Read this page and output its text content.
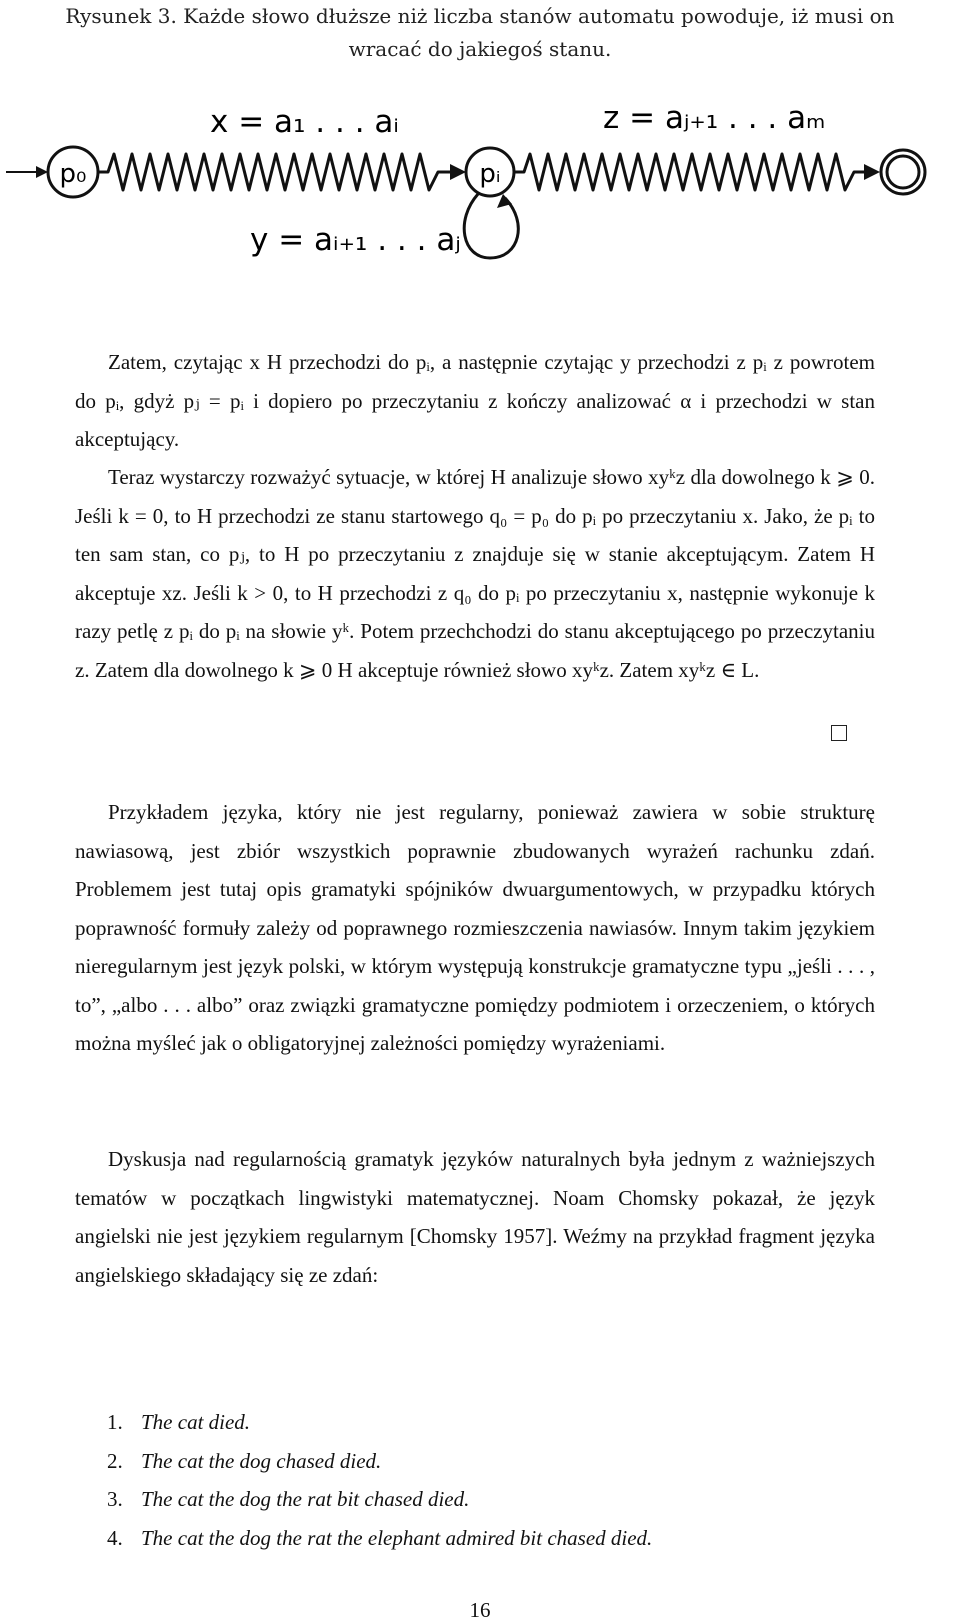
Rysunek 3. Każde słowo dłuższe niż liczba stanów automatu powoduje, iż musi on wracać do jakiegoś stanu.
x = a₁ . . . aᵢ	z = aⱼ₊₁ . . . aₘ
y = aᵢ₊₁ . . . aⱼ
p₀	pᵢ

Zatem, czytając x H przechodzi do pᵢ, a następnie czytając y przechodzi z pᵢ z powrotem do pᵢ, gdyż pⱼ = pᵢ i dopiero po przeczytaniu z kończy analizować α i przechodzi w stan akceptujący.

Teraz wystarczy rozważyć sytuacje, w której H analizuje słowo xyᵏz dla dowolnego k ⩾ 0. Jeśli k = 0, to H przechodzi ze stanu startowego q₀ = p₀ do pᵢ po przeczytaniu x. Jako, że pᵢ to ten sam stan, co pⱼ, to H po przeczytaniu z znajduje się w stanie akceptującym. Zatem H akceptuje xz. Jeśli k > 0, to H przechodzi z q₀ do pᵢ po przeczytaniu x, następnie wykonuje k razy petlę z pᵢ do pᵢ na słowie yᵏ. Potem przechchodzi do stanu akceptującego po przeczytaniu z. Zatem dla dowolnego k ⩾ 0 H akceptuje również słowo xyᵏz. Zatem xyᵏz ∈ L.

Przykładem języka, który nie jest regularny, ponieważ zawiera w sobie strukturę nawiasową, jest zbiór wszystkich poprawnie zbudowanych wyrażeń rachunku zdań. Problemem jest tutaj opis gramatyki spójników dwuargumentowych, w przypadku których poprawność formuły zależy od poprawnego rozmieszczenia nawiasów. Innym takim językiem nieregularnym jest język polski, w którym występują konstrukcje gramatyczne typu „jeśli . . . , to”, „albo . . . albo” oraz związki gramatyczne pomiędzy podmiotem i orzeczeniem, o których można myśleć jak o obligatoryjnej zależności pomiędzy wyrażeniami.

Dyskusja nad regularnością gramatyk języków naturalnych była jednym z ważniejszych tematów w początkach lingwistyki matematycznej. Noam Chomsky pokazał, że język angielski nie jest językiem regularnym [Chomsky 1957]. Weźmy na przykład fragment języka angielskiego składający się ze zdań:

1. The cat died.
2. The cat the dog chased died.
3. The cat the dog the rat bit chased died.
4. The cat the dog the rat the elephant admired bit chased died.
16
